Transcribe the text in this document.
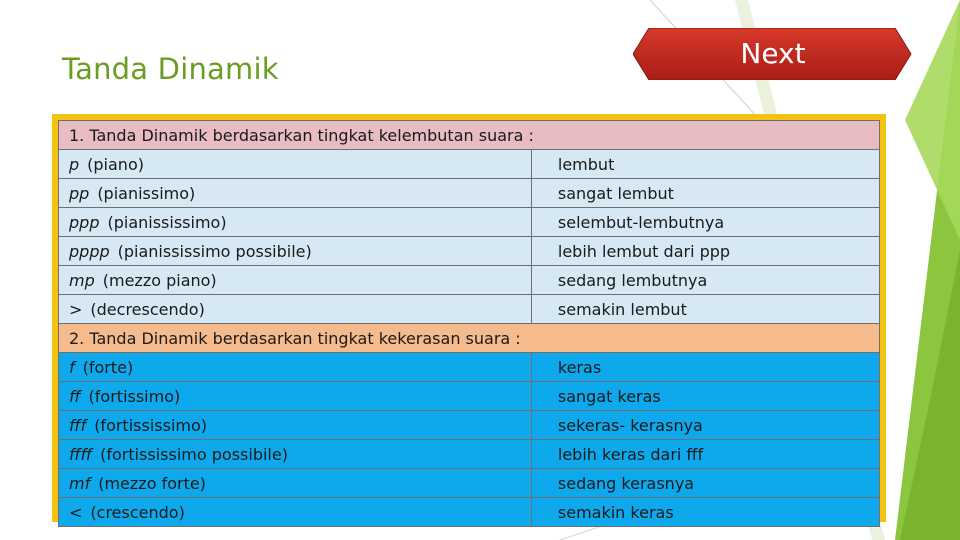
Tanda Dinamik	Next
1. Tanda Dinamik berdasarkan tingkat kelembutan suara :	
p (piano)	lembut
pp (pianissimo)	sangat lembut
ppp (pianississimo)	selembut-lembutnya
pppp (pianississimo possibile)	lebih lembut dari ppp
mp (mezzo piano)	sedang lembutnya
> (decrescendo)	semakin lembut
2. Tanda Dinamik berdasarkan tingkat kekerasan suara :	
f (forte)	keras
ff (fortissimo)	sangat keras
fff (fortississimo)	sekeras- kerasnya
ffff (fortississimo possibile)	lebih keras dari fff
mf (mezzo forte)	sedang kerasnya
< (crescendo)	semakin keras
